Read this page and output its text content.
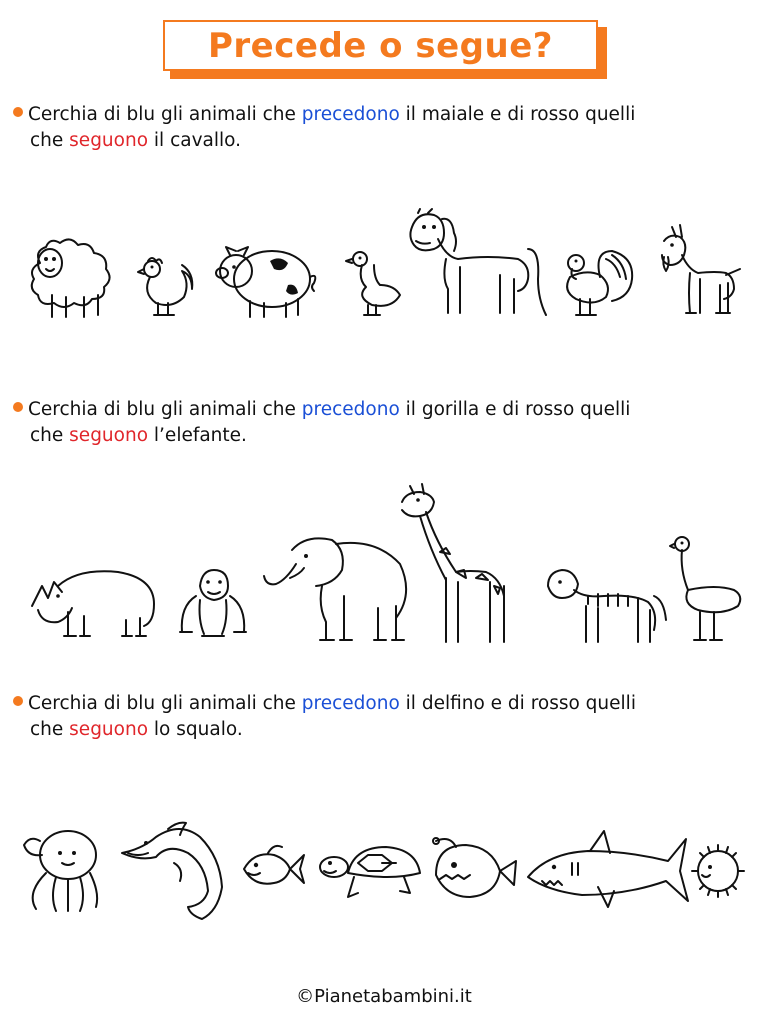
Precede o segue?
Cerchia di blu gli animali che precedono il maiale e di rosso quelli
che seguono il cavallo.
Cerchia di blu gli animali che precedono il gorilla e di rosso quelli
che seguono l’elefante.
Cerchia di blu gli animali che precedono il delfino e di rosso quelli
che seguono lo squalo.
©Pianetabambini.it
